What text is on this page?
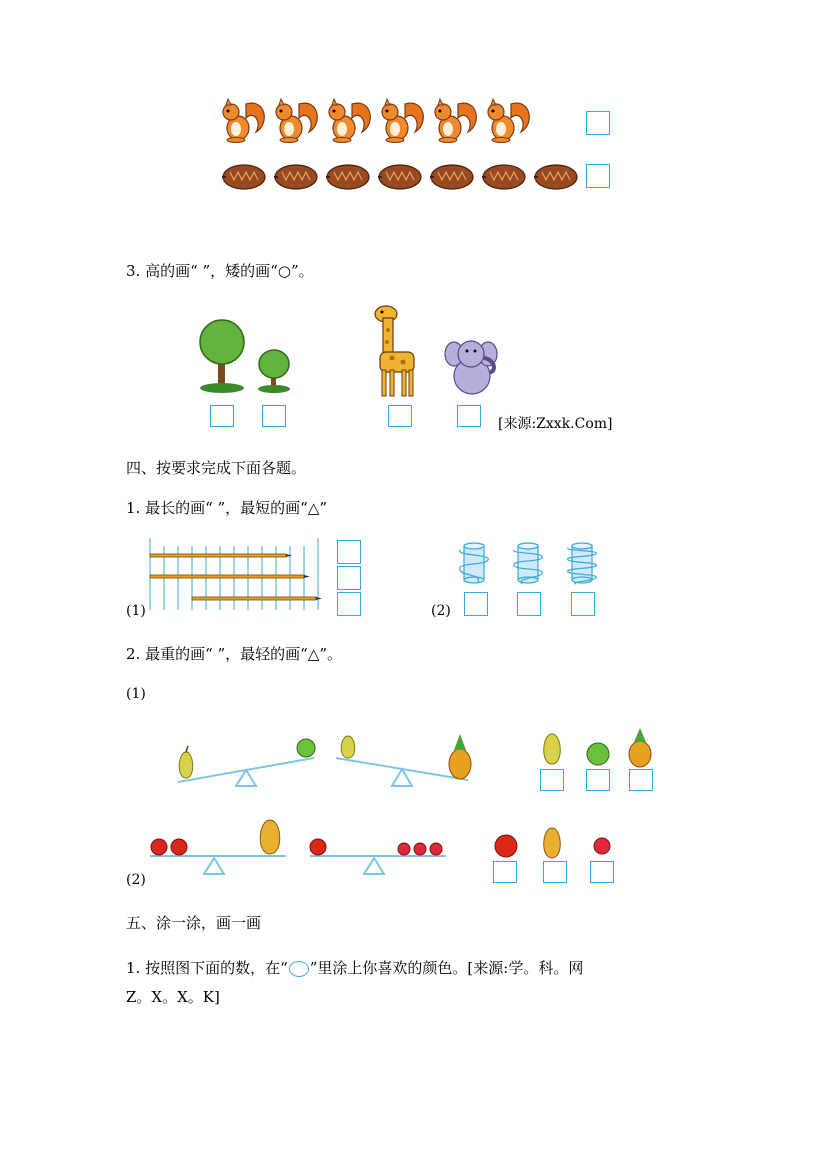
3. 高的画“ ”，矮的画“○”。
[来源:Zxxk.Com]
四、按要求完成下面各题。
1. 最长的画“ ”，最短的画“△”
(1)	(2)
2. 最重的画“ ”，最轻的画“△”。
(1)
(2)
五、涂一涂，画一画
1. 按照图下面的数，在“ ”里涂上你喜欢的颜色。[来源:学。科。网
Z。X。X。K]
